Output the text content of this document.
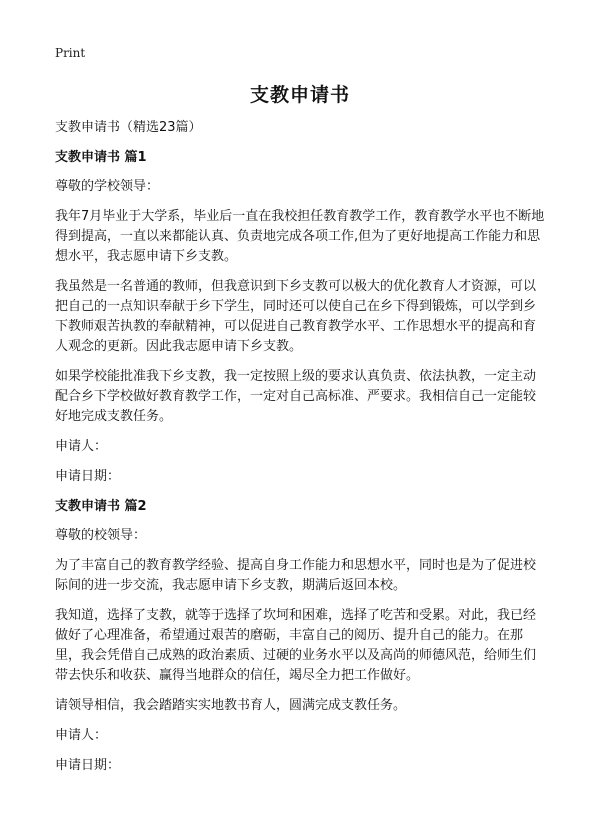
Print
支教申请书

支教申请书（精选23篇）

支教申请书 篇1

尊敬的学校领导：

我年7月毕业于大学系，毕业后一直在我校担任教育教学工作，教育教学水平也不断地得到提高，一直以来都能认真、负责地完成各项工作,但为了更好地提高工作能力和思想水平，我志愿申请下乡支教。

我虽然是一名普通的教师，但我意识到下乡支教可以极大的优化教育人才资源，可以把自己的一点知识奉献于乡下学生，同时还可以使自己在乡下得到锻炼，可以学到乡下教师艰苦执教的奉献精神，可以促进自己教育教学水平、工作思想水平的提高和育人观念的更新。因此我志愿申请下乡支教。

如果学校能批准我下乡支教，我一定按照上级的要求认真负责、依法执教，一定主动配合乡下学校做好教育教学工作，一定对自己高标准、严要求。我相信自己一定能较好地完成支教任务。

申请人：

申请日期：

支教申请书 篇2

尊敬的校领导：

为了丰富自己的教育教学经验、提高自身工作能力和思想水平，同时也是为了促进校际间的进一步交流，我志愿申请下乡支教，期满后返回本校。

我知道，选择了支教，就等于选择了坎坷和困难，选择了吃苦和受累。对此，我已经做好了心理准备，希望通过艰苦的磨砺，丰富自己的阅历、提升自己的能力。在那里，我会凭借自己成熟的政治素质、过硬的业务水平以及高尚的师德风范，给师生们带去快乐和收获、赢得当地群众的信任，竭尽全力把工作做好。

请领导相信，我会踏踏实实地教书育人，圆满完成支教任务。

申请人：

申请日期：
